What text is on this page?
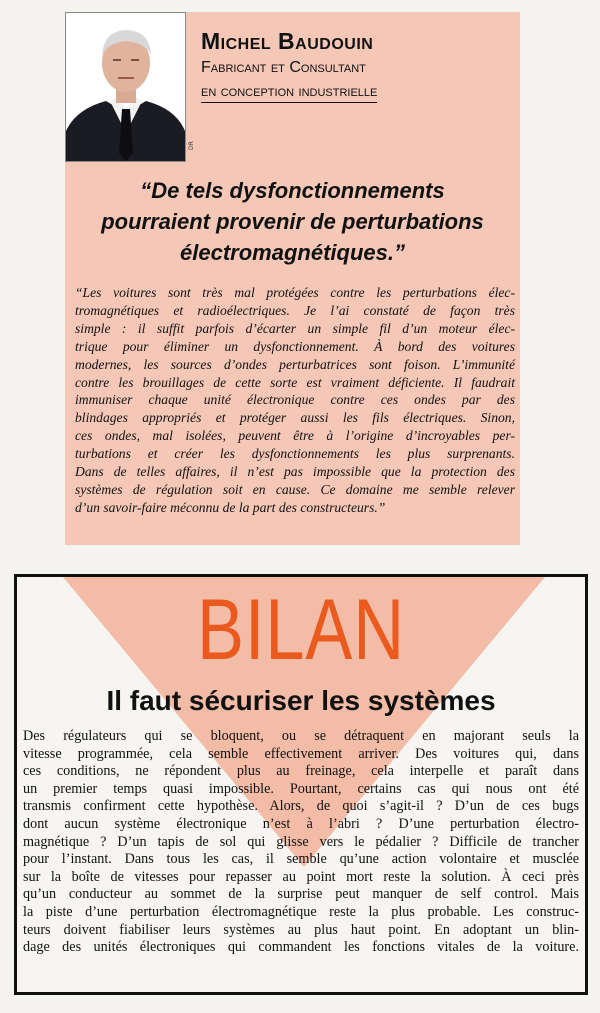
DR
Michel Baudouin
Fabricant et Consultant
en conception industrielle
“De tels dysfonctionnements
pourraient provenir de perturbations
électromagnétiques.”
“Les voitures sont très mal protégées contre les perturbations élec-
tromagnétiques et radioélectriques. Je l’ai constaté de façon très
simple : il suffit parfois d’écarter un simple fil d’un moteur élec-
trique pour éliminer un dysfonctionnement. À bord des voitures
modernes, les sources d’ondes perturbatrices sont foison. L’immunité
contre les brouillages de cette sorte est vraiment déficiente. Il faudrait
immuniser chaque unité électronique contre ces ondes par des
blindages appropriés et protéger aussi les fils électriques. Sinon,
ces ondes, mal isolées, peuvent être à l’origine d’incroyables per-
turbations et créer les dysfonctionnements les plus surprenants.
Dans de telles affaires, il n’est pas impossible que la protection des
systèmes de régulation soit en cause. Ce domaine me semble relever
d’un savoir-faire méconnu de la part des constructeurs.”
BILAN
Il faut sécuriser les systèmes
Des régulateurs qui se bloquent, ou se détraquent en majorant seuls la
vitesse programmée, cela semble effectivement arriver. Des voitures qui, dans
ces conditions, ne répondent plus au freinage, cela interpelle et paraît dans
un premier temps quasi impossible. Pourtant, certains cas qui nous ont été
transmis confirment cette hypothèse. Alors, de quoi s’agit-il ? D’un de ces bugs
dont aucun système électronique n’est à l’abri ? D’une perturbation électro-
magnétique ? D’un tapis de sol qui glisse vers le pédalier ? Difficile de trancher
pour l’instant. Dans tous les cas, il semble qu’une action volontaire et musclée
sur la boîte de vitesses pour repasser au point mort reste la solution. À ceci près
qu’un conducteur au sommet de la surprise peut manquer de self control. Mais
la piste d’une perturbation électromagnétique reste la plus probable. Les construc-
teurs doivent fiabiliser leurs systèmes au plus haut point. En adoptant un blin-
dage des unités électroniques qui commandent les fonctions vitales de la voiture.
